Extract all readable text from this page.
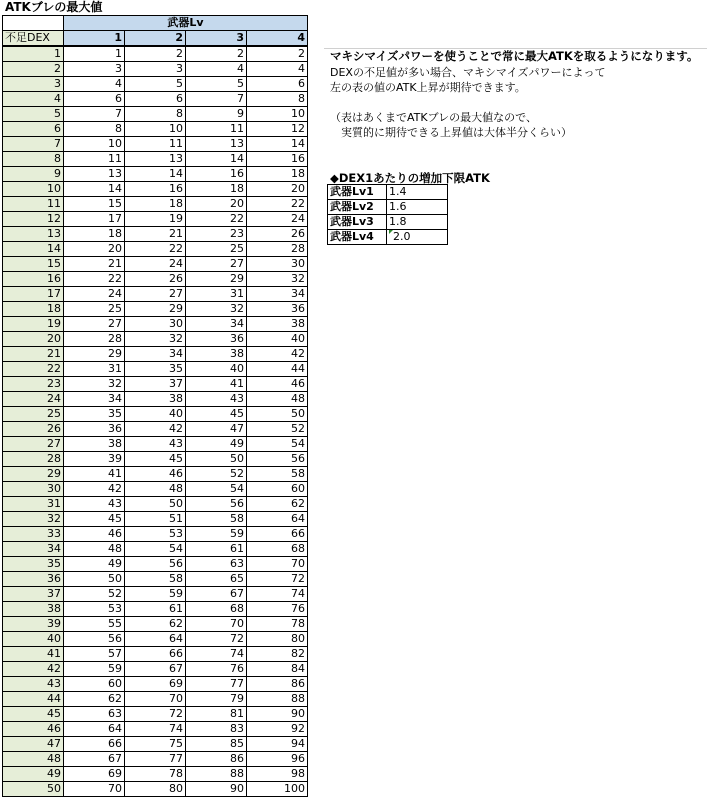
ATKブレの最大値
	武器Lv			
不足DEX	1	2	3	4
1	1	2	2	2
2	3	3	4	4
3	4	5	5	6
4	6	6	7	8
5	7	8	9	10
6	8	10	11	12
7	10	11	13	14
8	11	13	14	16
9	13	14	16	18
10	14	16	18	20
11	15	18	20	22
12	17	19	22	24
13	18	21	23	26
14	20	22	25	28
15	21	24	27	30
16	22	26	29	32
17	24	27	31	34
18	25	29	32	36
19	27	30	34	38
20	28	32	36	40
21	29	34	38	42
22	31	35	40	44
23	32	37	41	46
24	34	38	43	48
25	35	40	45	50
26	36	42	47	52
27	38	43	49	54
28	39	45	50	56
29	41	46	52	58
30	42	48	54	60
31	43	50	56	62
32	45	51	58	64
33	46	53	59	66
34	48	54	61	68
35	49	56	63	70
36	50	58	65	72
37	52	59	67	74
38	53	61	68	76
39	55	62	70	78
40	56	64	72	80
41	57	66	74	82
42	59	67	76	84
43	60	69	77	86
44	62	70	79	88
45	63	72	81	90
46	64	74	83	92
47	66	75	85	94
48	67	77	86	96
49	69	78	88	98
50	70	80	90	100
マキシマイズパワーを使うことで常に最大ATKを取るようになります。
DEXの不足値が多い場合、マキシマイズパワーによって
左の表の値のATK上昇が期待できます。
（表はあくまでATKブレの最大値なので、
　実質的に期待できる上昇値は大体半分くらい）
◆DEX1あたりの増加下限ATK
武器Lv1	1.4
武器Lv2	1.6
武器Lv3	1.8
武器Lv4	2.0
